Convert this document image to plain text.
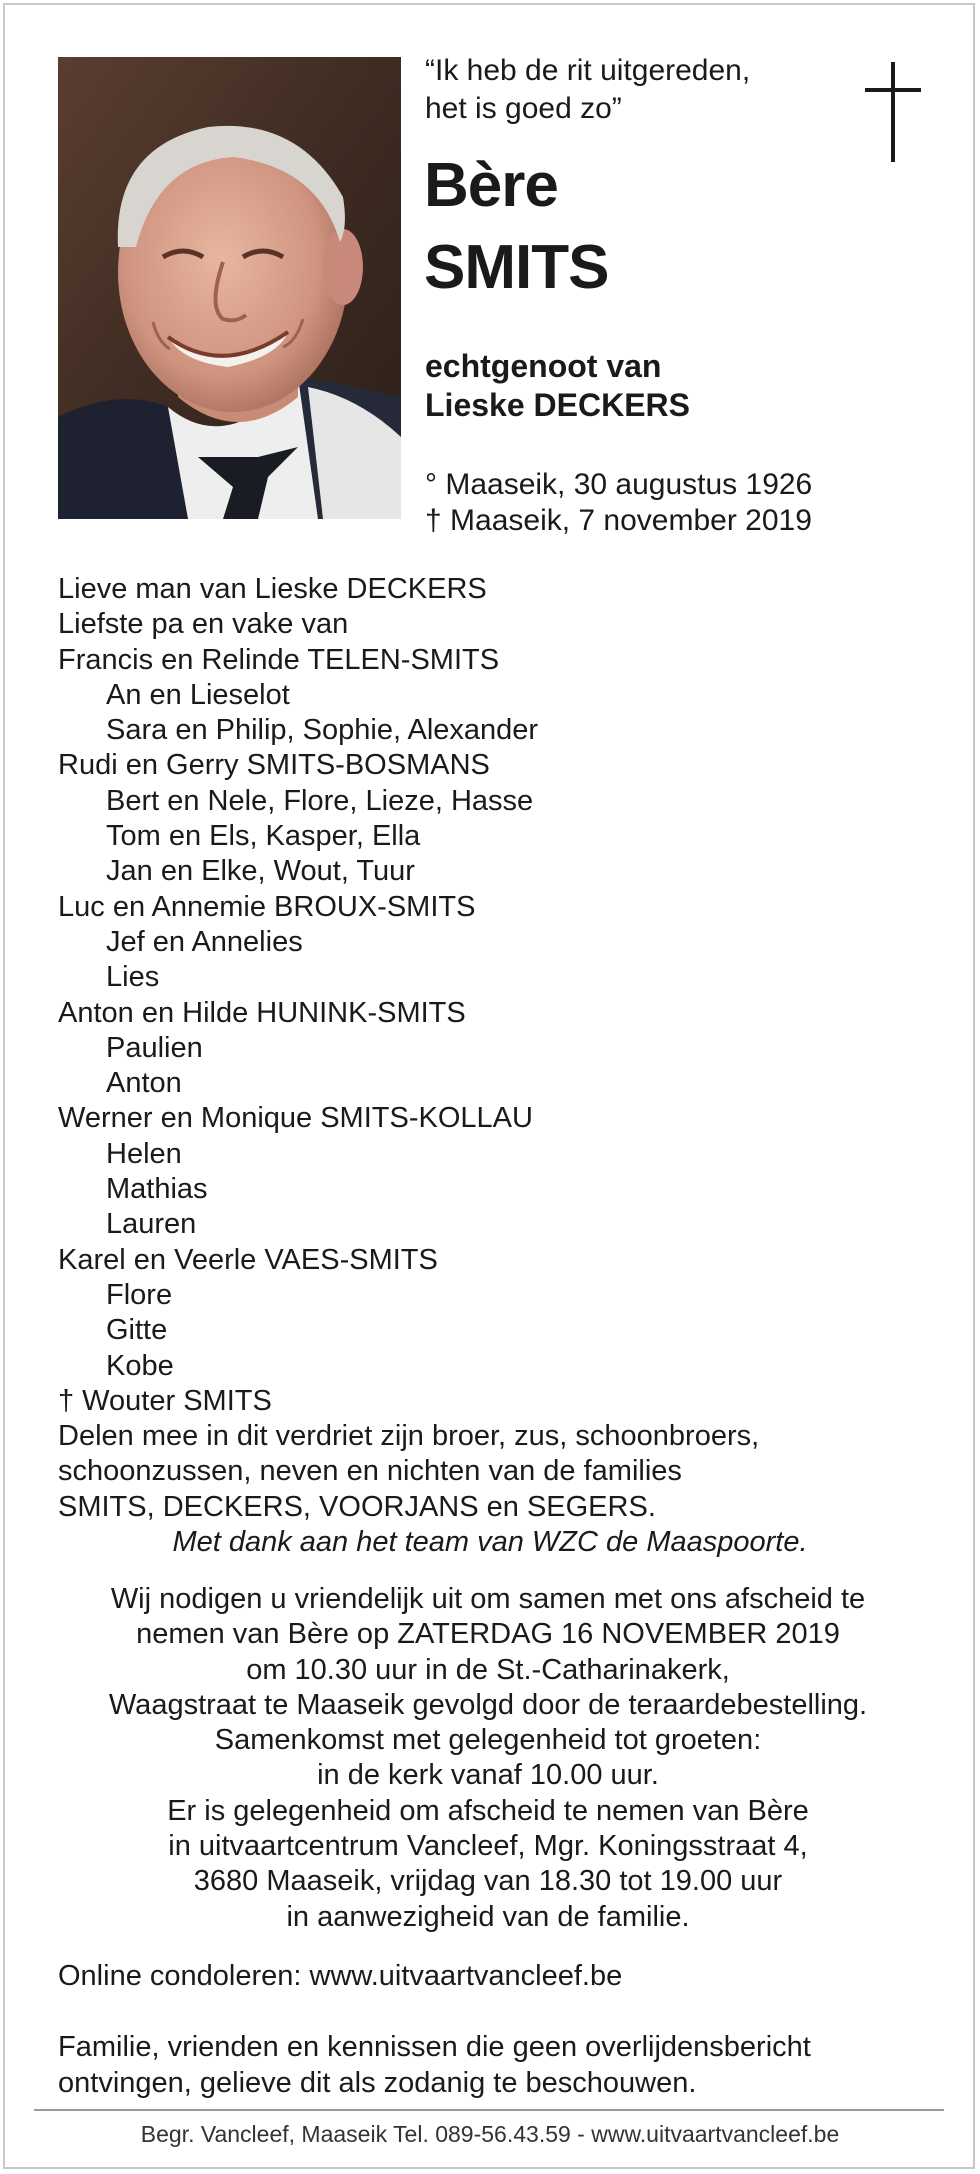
“Ik heb de rit uitgereden,
het is goed zo”
Bère
SMITS
echtgenoot van
Lieske DECKERS
° Maaseik, 30 augustus 1926
† Maaseik, 7 november 2019
Lieve man van Lieske DECKERS
Liefste pa en vake van
Francis en Relinde TELEN-SMITS
An en Lieselot
Sara en Philip, Sophie, Alexander
Rudi en Gerry SMITS-BOSMANS
Bert en Nele, Flore, Lieze, Hasse
Tom en Els, Kasper, Ella
Jan en Elke, Wout, Tuur
Luc en Annemie BROUX-SMITS
Jef en Annelies
Lies
Anton en Hilde HUNINK-SMITS
Paulien
Anton
Werner en Monique SMITS-KOLLAU
Helen
Mathias
Lauren
Karel en Veerle VAES-SMITS
Flore
Gitte
Kobe
† Wouter SMITS
Delen mee in dit verdriet zijn broer, zus, schoonbroers,
schoonzussen, neven en nichten van de families
SMITS, DECKERS, VOORJANS en SEGERS.
Met dank aan het team van WZC de Maaspoorte.
Wij nodigen u vriendelijk uit om samen met ons afscheid te
nemen van Bère op ZATERDAG 16 NOVEMBER 2019
om 10.30 uur in de St.-Catharinakerk,
Waagstraat te Maaseik gevolgd door de teraardebestelling.
Samenkomst met gelegenheid tot groeten:
in de kerk vanaf 10.00 uur.
Er is gelegenheid om afscheid te nemen van Bère
in uitvaartcentrum Vancleef, Mgr. Koningsstraat 4,
3680 Maaseik, vrijdag van 18.30 tot 19.00 uur
in aanwezigheid van de familie.
Online condoleren: www.uitvaartvancleef.be
Familie, vrienden en kennissen die geen overlijdensbericht
ontvingen, gelieve dit als zodanig te beschouwen.
Begr. Vancleef, Maaseik Tel. 089-56.43.59 - www.uitvaartvancleef.be
